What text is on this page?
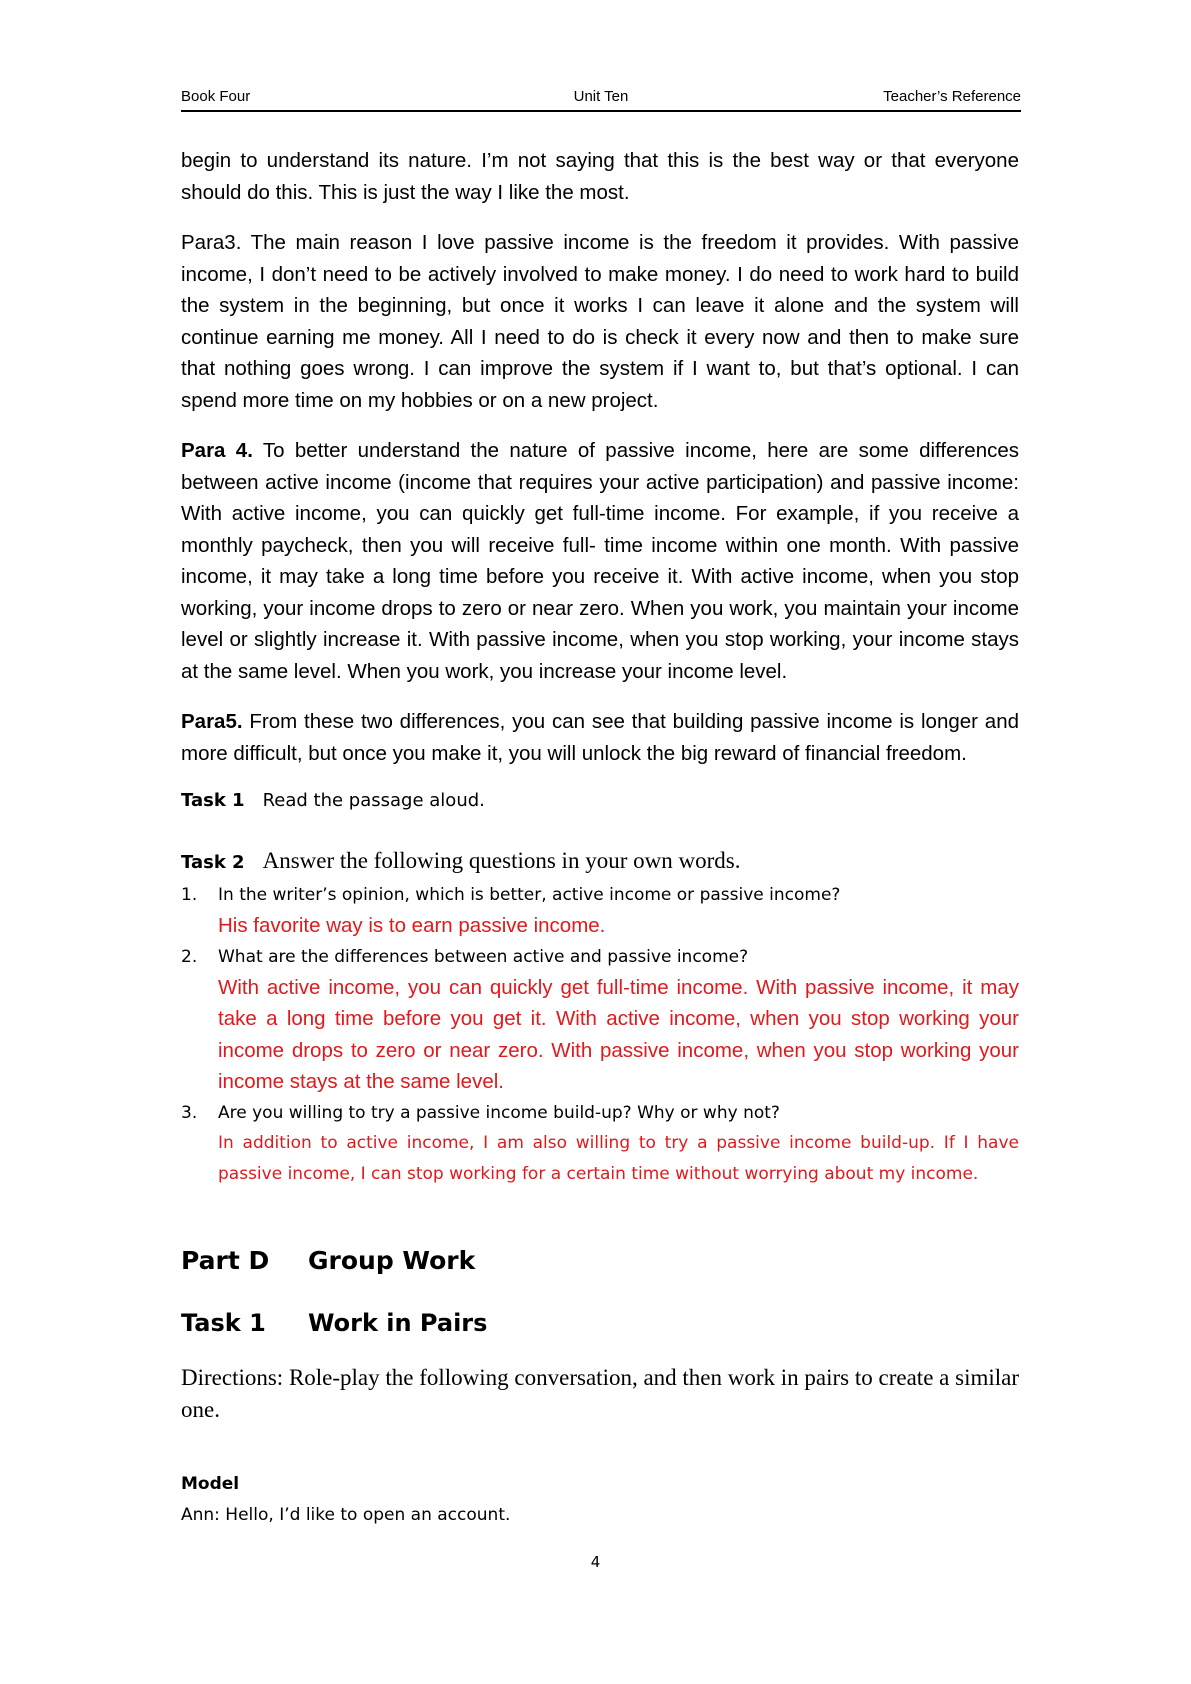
Book Four	Unit Ten	Teacher’s Reference

begin to understand its nature. I’m not saying that this is the best way or that everyone should do this. This is just the way I like the most.

Para3. The main reason I love passive income is the freedom it provides. With passive income, I don’t need to be actively involved to make money. I do need to work hard to build the system in the beginning, but once it works I can leave it alone and the system will continue earning me money. All I need to do is check it every now and then to make sure that nothing goes wrong. I can improve the system if I want to, but that’s optional. I can spend more time on my hobbies or on a new project.

Para 4. To better understand the nature of passive income, here are some differences between active income (income that requires your active participation) and passive income: With active income, you can quickly get full-time income. For example, if you receive a monthly paycheck, then you will receive full- time income within one month. With passive income, it may take a long time before you receive it. With active income, when you stop working, your income drops to zero or near zero. When you work, you maintain your income level or slightly increase it. With passive income, when you stop working, your income stays at the same level. When you work, you increase your income level.

Para5. From these two differences, you can see that building passive income is longer and more difficult, but once you make it, you will unlock the big reward of financial freedom.

Task 1 Read the passage aloud.

Task 2 Answer the following questions in your own words.

1. In the writer’s opinion, which is better, active income or passive income?
His favorite way is to earn passive income.
2. What are the differences between active and passive income?
With active income, you can quickly get full-time income. With passive income, it may take a long time before you get it. With active income, when you stop working your income drops to zero or near zero. With passive income, when you stop working your income stays at the same level.
3. Are you willing to try a passive income build-up? Why or why not?
In addition to active income, I am also willing to try a passive income build-up. If I have passive income, I can stop working for a certain time without worrying about my income.
Part D Group Work
Task 1 Work in Pairs

Directions: Role-play the following conversation, and then work in pairs to create a similar one.

Model

Ann: Hello, I’d like to open an account.

4
